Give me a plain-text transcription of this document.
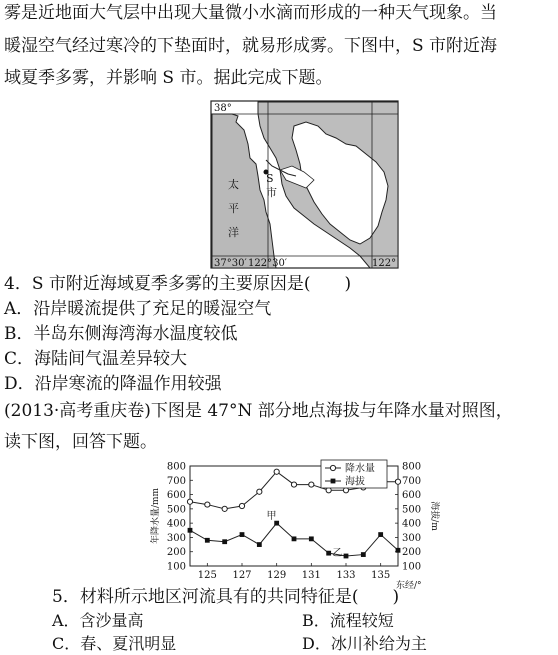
雾是近地面大气层中出现大量微小水滴而形成的一种天气现象。当
暖湿空气经过寒冷的下垫面时，就易形成雾。下图中，S 市附近海
域夏季多雾，并影响 S 市。据此完成下题。
38°
37°30′ 122°30′	122°
S
市
太
平
洋
4．S 市附近海域夏季多雾的主要原因是(　　)
A．沿岸暖流提供了充足的暖湿空气
B．半岛东侧海湾海水温度较低
C．海陆间气温差异较大
D．沿岸寒流的降温作用较强
(2013·高考重庆卷)下图是 47°N 部分地点海拔与年降水量对照图，
读下图，回答下题。
100	100
200	200
300	300
400	400
500	500
600	600
700	700
800	800
125 127 129 131 133 135
东经/°
年降水量/mm	海拔/m
甲
乙
降水量
海拔
5．材料所示地区河流具有的共同特征是(　　)
A．含沙量高	B．流程较短
C．春、夏汛明显	D．冰川补给为主
